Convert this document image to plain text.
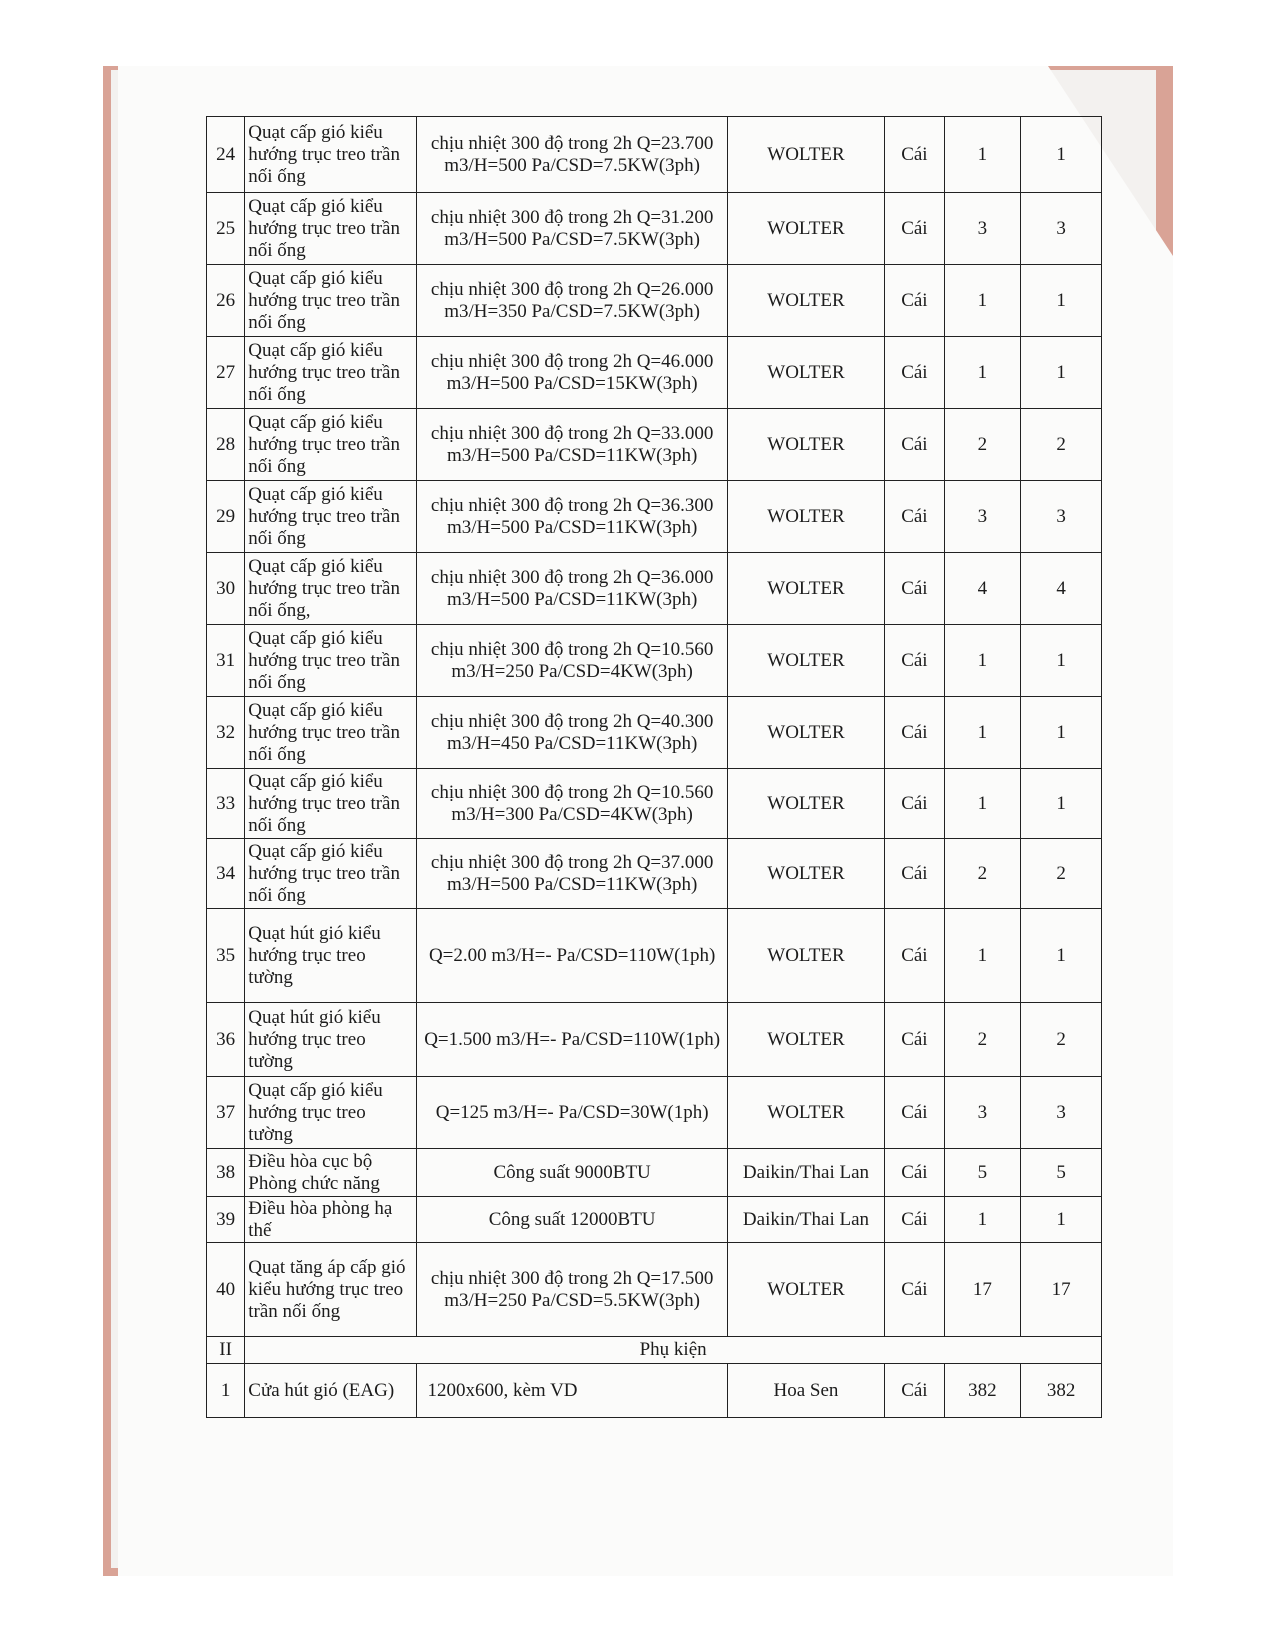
24	Quạt cấp gió kiểu hướng trục treo trần nối ống	chịu nhiệt 300 độ trong 2h Q=23.700 m3/H=500 Pa/CSD=7.5KW(3ph)	WOLTER	Cái	1	1
25	Quạt cấp gió kiểu hướng trục treo trần nối ống	chịu nhiệt 300 độ trong 2h Q=31.200 m3/H=500 Pa/CSD=7.5KW(3ph)	WOLTER	Cái	3	3
26	Quạt cấp gió kiểu hướng trục treo trần nối ống	chịu nhiệt 300 độ trong 2h Q=26.000 m3/H=350 Pa/CSD=7.5KW(3ph)	WOLTER	Cái	1	1
27	Quạt cấp gió kiểu hướng trục treo trần nối ống	chịu nhiệt 300 độ trong 2h Q=46.000 m3/H=500 Pa/CSD=15KW(3ph)	WOLTER	Cái	1	1
28	Quạt cấp gió kiểu hướng trục treo trần nối ống	chịu nhiệt 300 độ trong 2h Q=33.000 m3/H=500 Pa/CSD=11KW(3ph)	WOLTER	Cái	2	2
29	Quạt cấp gió kiểu hướng trục treo trần nối ống	chịu nhiệt 300 độ trong 2h Q=36.300 m3/H=500 Pa/CSD=11KW(3ph)	WOLTER	Cái	3	3
30	Quạt cấp gió kiểu hướng trục treo trần nối ống,	chịu nhiệt 300 độ trong 2h Q=36.000 m3/H=500 Pa/CSD=11KW(3ph)	WOLTER	Cái	4	4
31	Quạt cấp gió kiểu hướng trục treo trần nối ống	chịu nhiệt 300 độ trong 2h Q=10.560 m3/H=250 Pa/CSD=4KW(3ph)	WOLTER	Cái	1	1
32	Quạt cấp gió kiểu hướng trục treo trần nối ống	chịu nhiệt 300 độ trong 2h Q=40.300 m3/H=450 Pa/CSD=11KW(3ph)	WOLTER	Cái	1	1
33	Quạt cấp gió kiểu hướng trục treo trần nối ống	chịu nhiệt 300 độ trong 2h Q=10.560 m3/H=300 Pa/CSD=4KW(3ph)	WOLTER	Cái	1	1
34	Quạt cấp gió kiểu hướng trục treo trần nối ống	chịu nhiệt 300 độ trong 2h Q=37.000 m3/H=500 Pa/CSD=11KW(3ph)	WOLTER	Cái	2	2
35	Quạt hút gió kiểu hướng trục treo tường	Q=2.00 m3/H=- Pa/CSD=110W(1ph)	WOLTER	Cái	1	1
36	Quạt hút gió kiểu hướng trục treo tường	Q=1.500 m3/H=- Pa/CSD=110W(1ph)	WOLTER	Cái	2	2
37	Quạt cấp gió kiểu hướng trục treo tường	Q=125 m3/H=- Pa/CSD=30W(1ph)	WOLTER	Cái	3	3
38	Điều hòa cục bộ Phòng chức năng	Công suất 9000BTU	Daikin/Thai Lan	Cái	5	5
39	Điều hòa phòng hạ thế	Công suất 12000BTU	Daikin/Thai Lan	Cái	1	1
40	Quạt tăng áp cấp gió kiểu hướng trục treo trần nối ống	chịu nhiệt 300 độ trong 2h Q=17.500 m3/H=250 Pa/CSD=5.5KW(3ph)	WOLTER	Cái	17	17
II	Phụ kiện					
1	Cửa hút gió (EAG)	1200x600, kèm VD	Hoa Sen	Cái	382	382
